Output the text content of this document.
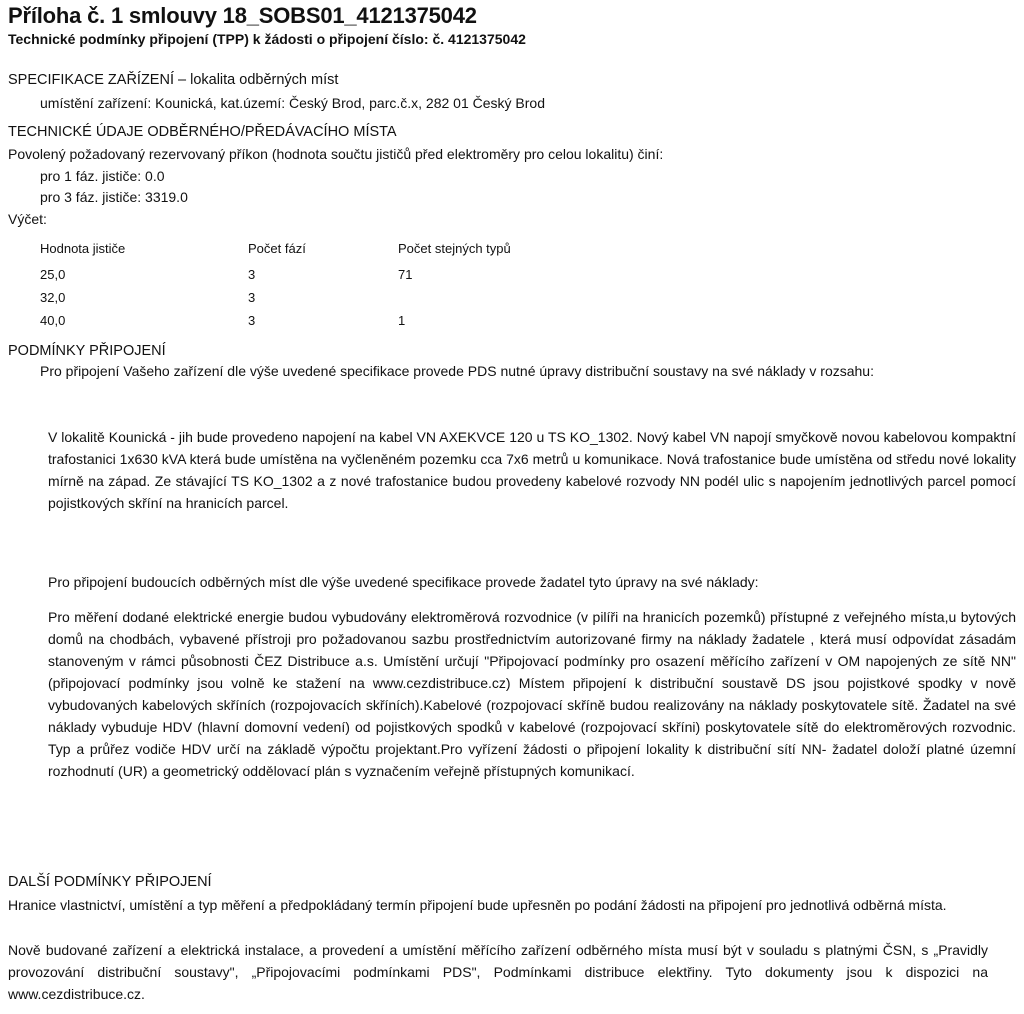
Příloha č. 1 smlouvy 18_SOBS01_4121375042
Technické podmínky připojení (TPP) k žádosti o připojení číslo: č. 4121375042
SPECIFIKACE ZAŘÍZENÍ – lokalita odběrných míst
umístění zařízení: Kounická, kat.území: Český Brod, parc.č.x, 282 01 Český Brod
TECHNICKÉ ÚDAJE ODBĚRNÉHO/PŘEDÁVACÍHO MÍSTA
Povolený požadovaný rezervovaný příkon (hodnota součtu jističů před elektroměry pro celou lokalitu) činí:
pro 1 fáz. jističe: 0.0
pro 3 fáz. jističe: 3319.0
Výčet:
Hodnota jističe	Počet fází	Počet stejných typů
25,0	3	71
32,0	3
40,0	3	1
PODMÍNKY PŘIPOJENÍ
Pro připojení Vašeho zařízení dle výše uvedené specifikace provede PDS nutné úpravy distribuční soustavy na své náklady v rozsahu:
V lokalitě Kounická - jih bude provedeno napojení na kabel VN AXEKVCE 120 u TS KO_1302. Nový kabel VN napojí smyčkově novou kabelovou kompaktní trafostanici 1x630 kVA která bude umístěna na vyčleněném pozemku cca 7x6 metrů u komunikace. Nová trafostanice bude umístěna od středu nové lokality mírně na západ. Ze stávající TS KO_1302 a z nové trafostanice budou provedeny kabelové rozvody NN podél ulic s napojením jednotlivých parcel pomocí pojistkových skříní na hranicích parcel.
Pro připojení budoucích odběrných míst dle výše uvedené specifikace provede žadatel tyto úpravy na své náklady:
Pro měření dodané elektrické energie budou vybudovány elektroměrová rozvodnice (v pilíři na hranicích pozemků) přístupné z veřejného místa,u bytových domů na chodbách, vybavené přístroji pro požadovanou sazbu prostřednictvím autorizované firmy na náklady žadatele , která musí odpovídat zásadám stanoveným v rámci působnosti ČEZ Distribuce a.s. Umístění určují "Připojovací podmínky pro osazení měřícího zařízení v OM napojených ze sítě NN"(připojovací podmínky jsou volně ke stažení na www.cezdistribuce.cz) Místem připojení k distribuční soustavě DS jsou pojistkové spodky v nově vybudovaných kabelových skříních (rozpojovacích skříních).Kabelové (rozpojovací skříně budou realizovány na náklady poskytovatele sítě. Žadatel na své náklady vybuduje HDV (hlavní domovní vedení) od pojistkových spodků v kabelové (rozpojovací skříni) poskytovatele sítě do elektroměrových rozvodnic. Typ a průřez vodiče HDV určí na základě výpočtu projektant.Pro vyřízení žádosti o připojení lokality k distribuční sítí NN- žadatel doloží platné územní rozhodnutí (UR) a geometrický oddělovací plán s vyznačením veřejně přístupných komunikací.
DALŠÍ PODMÍNKY PŘIPOJENÍ
Hranice vlastnictví, umístění a typ měření a předpokládaný termín připojení bude upřesněn po podání žádosti na připojení pro jednotlivá odběrná místa.
Nově budované zařízení a elektrická instalace, a provedení a umístění měřícího zařízení odběrného místa musí být v souladu s platnými ČSN, s „Pravidly provozování distribuční soustavy", „Připojovacími podmínkami PDS", Podmínkami distribuce elektřiny. Tyto dokumenty jsou k dispozici na www.cezdistribuce.cz.
